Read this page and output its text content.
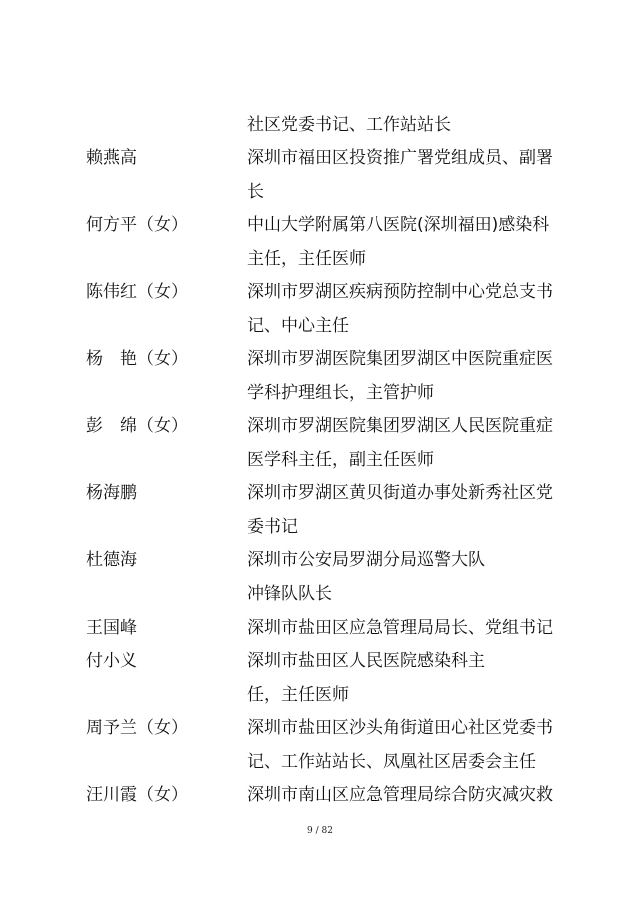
社区党委书记、工作站站长
赖燕高	深圳市福田区投资推广署党组成员、副署
长
何方平（女）	中山大学附属第八医院(深圳福田)感染科
主任，主任医师
陈伟红（女）	深圳市罗湖区疾病预防控制中心党总支书
记、中心主任
杨　艳（女）	深圳市罗湖医院集团罗湖区中医院重症医
学科护理组长，主管护师
彭　绵（女）	深圳市罗湖医院集团罗湖区人民医院重症
医学科主任，副主任医师
杨海鹏	深圳市罗湖区黄贝街道办事处新秀社区党
委书记
杜德海	深圳市公安局罗湖分局巡警大队
冲锋队队长
王国峰	深圳市盐田区应急管理局局长、党组书记
付小义	深圳市盐田区人民医院感染科主
任，主任医师
周予兰（女）	深圳市盐田区沙头角街道田心社区党委书
记、工作站站长、凤凰社区居委会主任
汪川霞（女）	深圳市南山区应急管理局综合防灾减灾救
9 / 82
